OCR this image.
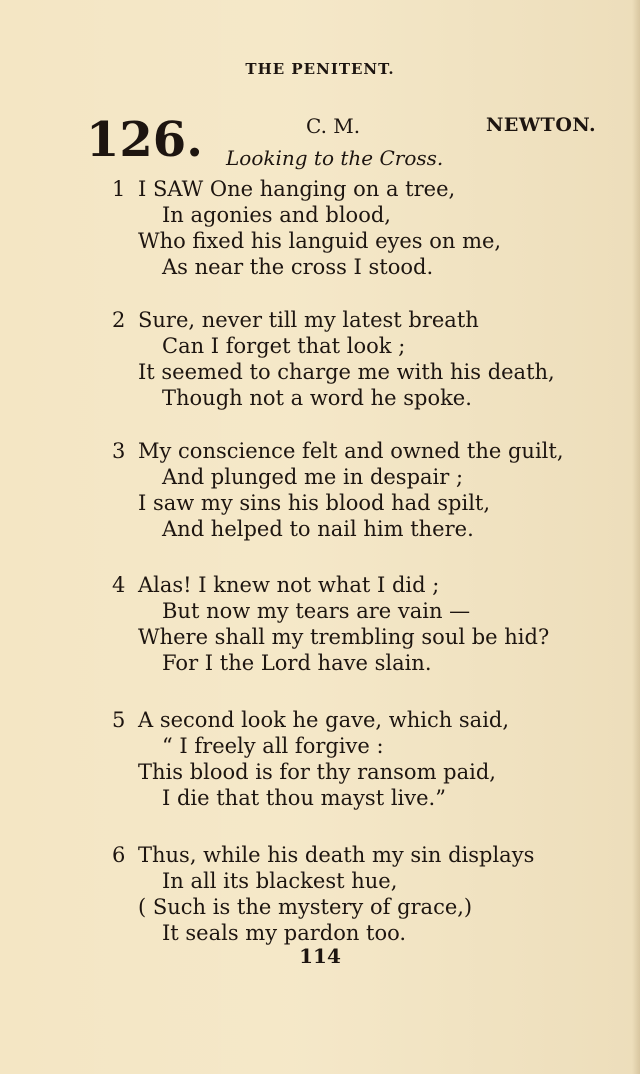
THE PENITENT.
126.	C. M.	NEWTON.
Looking to the Cross.
1 I SAW One hanging on a tree,
In agonies and blood,
Who fixed his languid eyes on me,
As near the cross I stood.
2 Sure, never till my latest breath
Can I forget that look ;
It seemed to charge me with his death,
Though not a word he spoke.
3 My conscience felt and owned the guilt,
And plunged me in despair ;
I saw my sins his blood had spilt,
And helped to nail him there.
4 Alas! I knew not what I did ;
But now my tears are vain —
Where shall my trembling soul be hid?
For I the Lord have slain.
5 A second look he gave, which said,
“ I freely all forgive :
This blood is for thy ransom paid,
I die that thou mayst live.”
6 Thus, while his death my sin displays
In all its blackest hue,
( Such is the mystery of grace,)
It seals my pardon too.
114
